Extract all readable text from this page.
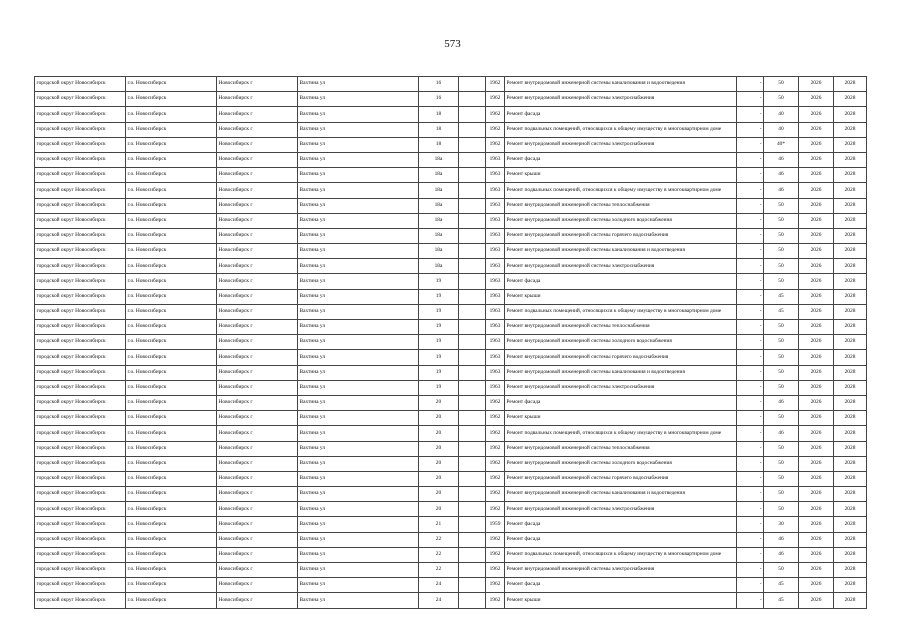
573
городской округ Новосибирск	г.о. Новосибирск	Новосибирск г	Вахтина ул	16		1962	Ремонт внутридомовой инженерной системы канализования и водоотведения	-	50	2026	2028
городской округ Новосибирск	г.о. Новосибирск	Новосибирск г	Вахтина ул	16		1962	Ремонт внутридомовой инженерной системы электроснабжения	-	50	2026	2028
городской округ Новосибирск	г.о. Новосибирск	Новосибирск г	Вахтина ул	18		1962	Ремонт фасада	-	40	2026	2028
городской округ Новосибирск	г.о. Новосибирск	Новосибирск г	Вахтина ул	18		1962	Ремонт подвальных помещений, относящихся к общему имуществу в многоквартирном доме	-	40	2026	2028
городской округ Новосибирск	г.о. Новосибирск	Новосибирск г	Вахтина ул	18		1962	Ремонт внутридомовой инженерной системы электроснабжения	-	40*	2026	2028
городской округ Новосибирск	г.о. Новосибирск	Новосибирск г	Вахтина ул	18а		1963	Ремонт фасада	-	46	2026	2028
городской округ Новосибирск	г.о. Новосибирск	Новосибирск г	Вахтина ул	18а		1963	Ремонт крыши	-	46	2026	2028
городской округ Новосибирск	г.о. Новосибирск	Новосибирск г	Вахтина ул	18а		1963	Ремонт подвальных помещений, относящихся к общему имуществу в многоквартирном доме	-	46	2026	2028
городской округ Новосибирск	г.о. Новосибирск	Новосибирск г	Вахтина ул	18а		1963	Ремонт внутридомовой инженерной системы теплоснабжения	-	50	2026	2028
городской округ Новосибирск	г.о. Новосибирск	Новосибирск г	Вахтина ул	18а		1963	Ремонт внутридомовой инженерной системы холодного водоснабжения	-	50	2026	2028
городской округ Новосибирск	г.о. Новосибирск	Новосибирск г	Вахтина ул	18а		1963	Ремонт внутридомовой инженерной системы горячего водоснабжения	-	50	2026	2028
городской округ Новосибирск	г.о. Новосибирск	Новосибирск г	Вахтина ул	18а		1963	Ремонт внутридомовой инженерной системы канализования и водоотведения	-	50	2026	2028
городской округ Новосибирск	г.о. Новосибирск	Новосибирск г	Вахтина ул	18а		1963	Ремонт внутридомовой инженерной системы электроснабжения	-	50	2026	2028
городской округ Новосибирск	г.о. Новосибирск	Новосибирск г	Вахтина ул	19		1963	Ремонт фасада	-	50	2026	2028
городской округ Новосибирск	г.о. Новосибирск	Новосибирск г	Вахтина ул	19		1963	Ремонт крыши	-	45	2026	2028
городской округ Новосибирск	г.о. Новосибирск	Новосибирск г	Вахтина ул	19		1963	Ремонт подвальных помещений, относящихся к общему имуществу в многоквартирном доме	-	45	2026	2028
городской округ Новосибирск	г.о. Новосибирск	Новосибирск г	Вахтина ул	19		1963	Ремонт внутридомовой инженерной системы теплоснабжения	-	50	2026	2028
городской округ Новосибирск	г.о. Новосибирск	Новосибирск г	Вахтина ул	19		1963	Ремонт внутридомовой инженерной системы холодного водоснабжения	-	50	2026	2028
городской округ Новосибирск	г.о. Новосибирск	Новосибирск г	Вахтина ул	19		1963	Ремонт внутридомовой инженерной системы горячего водоснабжения	-	50	2026	2028
городской округ Новосибирск	г.о. Новосибирск	Новосибирск г	Вахтина ул	19		1963	Ремонт внутридомовой инженерной системы канализования и водоотведения	-	50	2026	2028
городской округ Новосибирск	г.о. Новосибирск	Новосибирск г	Вахтина ул	19		1963	Ремонт внутридомовой инженерной системы электроснабжения	-	50	2026	2028
городской округ Новосибирск	г.о. Новосибирск	Новосибирск г	Вахтина ул	20		1962	Ремонт фасада	-	46	2026	2028
городской округ Новосибирск	г.о. Новосибирск	Новосибирск г	Вахтина ул	20		1962	Ремонт крыши	-	50	2026	2028
городской округ Новосибирск	г.о. Новосибирск	Новосибирск г	Вахтина ул	20		1962	Ремонт подвальных помещений, относящихся к общему имуществу в многоквартирном доме	-	46	2026	2028
городской округ Новосибирск	г.о. Новосибирск	Новосибирск г	Вахтина ул	20		1962	Ремонт внутридомовой инженерной системы теплоснабжения	-	50	2026	2028
городской округ Новосибирск	г.о. Новосибирск	Новосибирск г	Вахтина ул	20		1962	Ремонт внутридомовой инженерной системы холодного водоснабжения	-	50	2026	2028
городской округ Новосибирск	г.о. Новосибирск	Новосибирск г	Вахтина ул	20		1962	Ремонт внутридомовой инженерной системы горячего водоснабжения	-	50	2026	2028
городской округ Новосибирск	г.о. Новосибирск	Новосибирск г	Вахтина ул	20		1962	Ремонт внутридомовой инженерной системы канализования и водоотведения	-	50	2026	2028
городской округ Новосибирск	г.о. Новосибирск	Новосибирск г	Вахтина ул	20		1962	Ремонт внутридомовой инженерной системы электроснабжения	-	50	2026	2028
городской округ Новосибирск	г.о. Новосибирск	Новосибирск г	Вахтина ул	21		1959	Ремонт фасада	-	30	2026	2028
городской округ Новосибирск	г.о. Новосибирск	Новосибирск г	Вахтина ул	22		1962	Ремонт фасада	-	46	2026	2028
городской округ Новосибирск	г.о. Новосибирск	Новосибирск г	Вахтина ул	22		1962	Ремонт подвальных помещений, относящихся к общему имуществу в многоквартирном доме	-	46	2026	2028
городской округ Новосибирск	г.о. Новосибирск	Новосибирск г	Вахтина ул	22		1962	Ремонт внутридомовой инженерной системы электроснабжения	-	50	2026	2028
городской округ Новосибирск	г.о. Новосибирск	Новосибирск г	Вахтина ул	24		1962	Ремонт фасада	-	45	2026	2028
городской округ Новосибирск	г.о. Новосибирск	Новосибирск г	Вахтина ул	24		1962	Ремонт крыши	-	45	2026	2028
